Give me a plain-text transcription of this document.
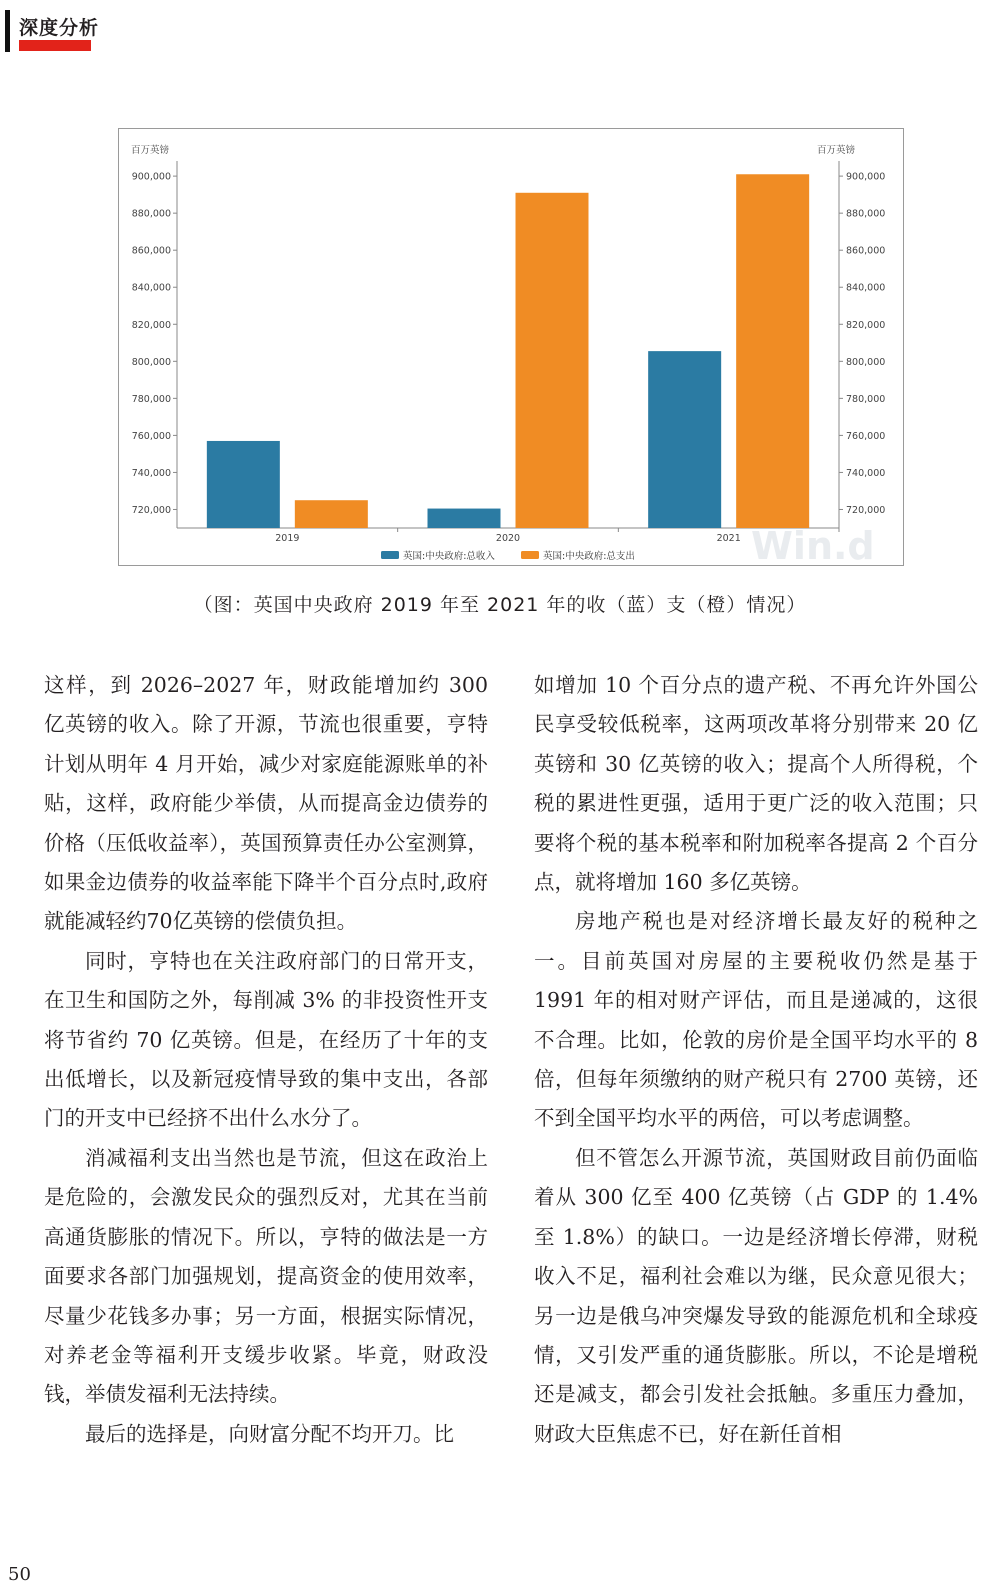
深度分析
百万英镑	百万英镑
720,000	720,000
740,000	740,000
760,000	760,000
780,000	780,000
800,000	800,000
820,000	820,000
840,000	840,000
860,000	860,000
880,000	880,000
900,000	900,000
2019	2020	2021
英国:中央政府:总收入	英国:中央政府:总支出	Win.d
（图：英国中央政府 2019 年至 2021 年的收（蓝）支（橙）情况）

这样，到 2026–2027 年，财政能增加约 300 亿英镑的收入。除了开源，节流也很重要，亨特计划从明年 4 月开始，减少对家庭能源账单的补贴，这样，政府能少举债，从而提高金边债券的价格（压低收益率），英国预算责任办公室测算，如果金边债券的收益率能下降半个百分点时,政府就能减轻约70亿英镑的偿债负担。

同时，亨特也在关注政府部门的日常开支，在卫生和国防之外，每削减 3% 的非投资性开支将节省约 70 亿英镑。但是，在经历了十年的支出低增长，以及新冠疫情导致的集中支出，各部门的开支中已经挤不出什么水分了。

消减福利支出当然也是节流，但这在政治上是危险的，会激发民众的强烈反对，尤其在当前高通货膨胀的情况下。所以，亨特的做法是一方面要求各部门加强规划，提高资金的使用效率，尽量少花钱多办事；另一方面，根据实际情况，对养老金等福利开支缓步收紧。毕竟，财政没钱，举债发福利无法持续。

最后的选择是，向财富分配不均开刀。比

如增加 10 个百分点的遗产税、不再允许外国公民享受较低税率，这两项改革将分别带来 20 亿英镑和 30 亿英镑的收入；提高个人所得税，个税的累进性更强，适用于更广泛的收入范围；只要将个税的基本税率和附加税率各提高 2 个百分点，就将增加 160 多亿英镑。

房地产税也是对经济增长最友好的税种之一。目前英国对房屋的主要税收仍然是基于 1991 年的相对财产评估，而且是递减的，这很不合理。比如，伦敦的房价是全国平均水平的 8 倍，但每年须缴纳的财产税只有 2700 英镑，还不到全国平均水平的两倍，可以考虑调整。

但不管怎么开源节流，英国财政目前仍面临着从 300 亿至 400 亿英镑（占 GDP 的 1.4% 至 1.8%）的缺口。一边是经济增长停滞，财税收入不足，福利社会难以为继，民众意见很大；另一边是俄乌冲突爆发导致的能源危机和全球疫情，又引发严重的通货膨胀。所以，不论是增税还是减支，都会引发社会抵触。多重压力叠加，财政大臣焦虑不已，好在新任首相

50
